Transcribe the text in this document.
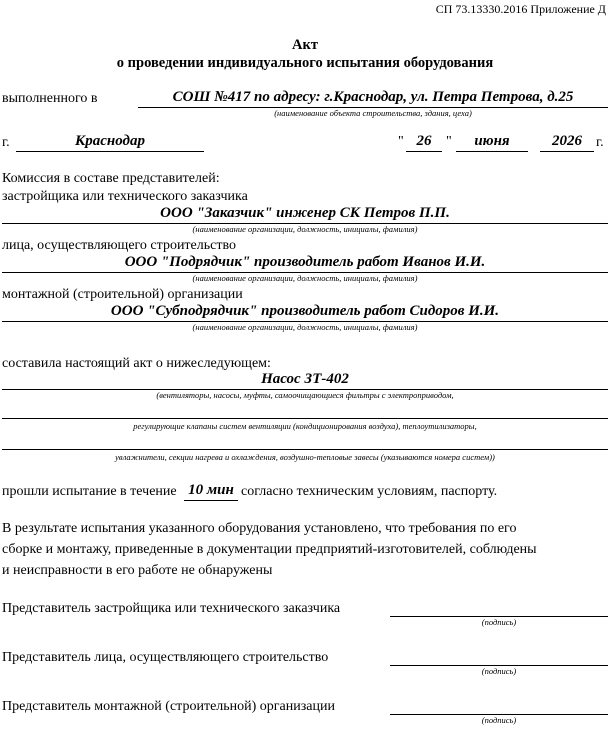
СП 73.13330.2016 Приложение Д
Акт
о проведении индивидуального испытания оборудования
выполненного в	СОШ №417 по адресу: г.Краснодар, ул. Петра Петрова, д.25
(наименование объекта строительства, здания, цеха)
г.	Краснодар	" 26	"	июня	2026	г.
Комиссия в составе представителей:
застройщика или технического заказчика
ООО "Заказчик" инженер СК Петров П.П.
(наименование организации, должность, инициалы, фамилия)
лица, осуществляющего строительство
ООО "Подрядчик" производитель работ Иванов И.И.
(наименование организации, должность, инициалы, фамилия)
монтажной (строительной) организации
ООО "Субподрядчик" производитель работ Сидоров И.И.
(наименование организации, должность, инициалы, фамилия)
составила настоящий акт о нижеследующем:
Насос ЗТ-402
(вентиляторы, насосы, муфты, самоочищающиеся фильтры с электроприводом,
регулирующие клапаны систем вентиляции (кондиционирования воздуха), теплоутилизаторы,
увлажнители, секции нагрева и охлаждения, воздушно-тепловые завесы (указываются номера систем))
прошли испытание в течение 10 мин согласно техническим условиям, паспорту.
В результате испытания указанного оборудования установлено, что требования по его
сборке и монтажу, приведенные в документации предприятий-изготовителей, соблюдены
и неисправности в его работе не обнаружены
Представитель застройщика или технического заказчика
(подпись)
Представитель лица, осуществляющего строительство
(подпись)
Представитель монтажной (строительной) организации
(подпись)
